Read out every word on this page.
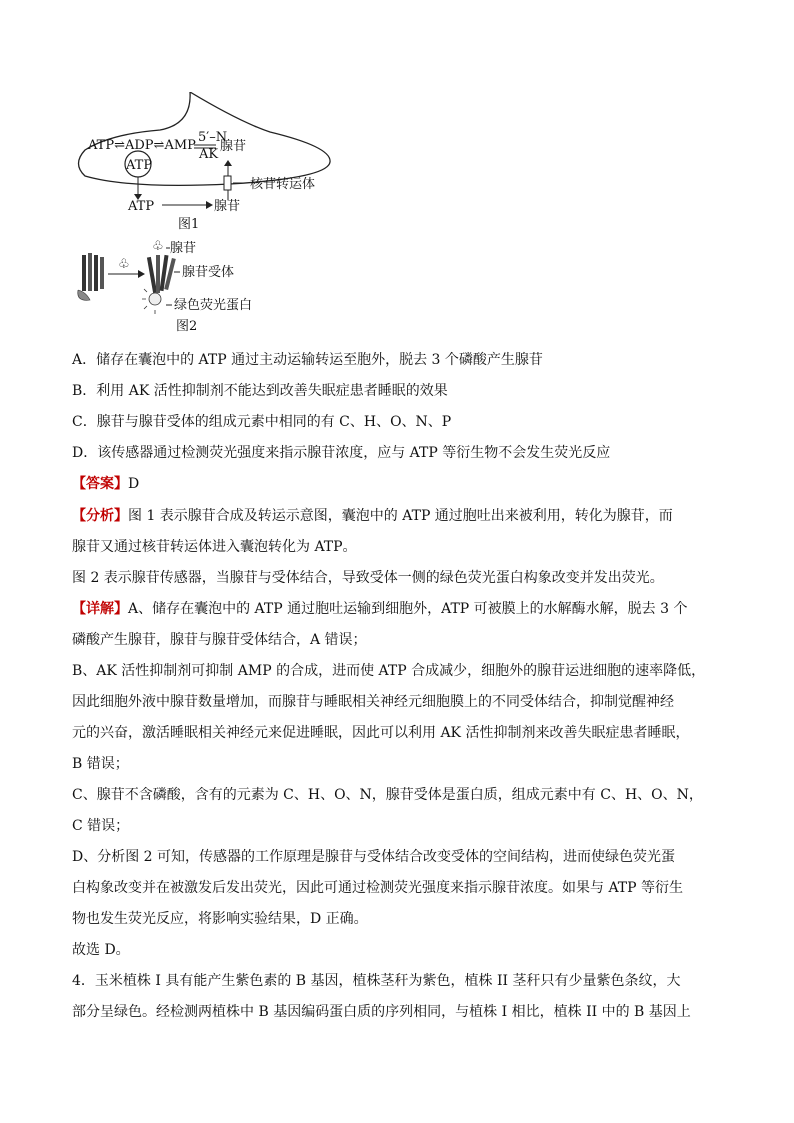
ATP⇌ADP⇌AMP
5′–N
AK
腺苷
ATP
核苷转运体
ATP	腺苷
图1
♧
♧ 腺苷
腺苷受体
绿色荧光蛋白
图2
A．储存在囊泡中的 ATP 通过主动运输转运至胞外，脱去 3 个磷酸产生腺苷
B．利用 AK 活性抑制剂不能达到改善失眠症患者睡眠的效果
C．腺苷与腺苷受体的组成元素中相同的有 C、H、O、N、P
D．该传感器通过检测荧光强度来指示腺苷浓度，应与 ATP 等衍生物不会发生荧光反应
【答案】D
【分析】图 1 表示腺苷合成及转运示意图，囊泡中的 ATP 通过胞吐出来被利用，转化为腺苷，而
腺苷又通过核苷转运体进入囊泡转化为 ATP。
图 2 表示腺苷传感器，当腺苷与受体结合，导致受体一侧的绿色荧光蛋白构象改变并发出荧光。
【详解】A、储存在囊泡中的 ATP 通过胞吐运输到细胞外，ATP 可被膜上的水解酶水解，脱去 3 个
磷酸产生腺苷，腺苷与腺苷受体结合，A 错误；
B、AK 活性抑制剂可抑制 AMP 的合成，进而使 ATP 合成减少，细胞外的腺苷运进细胞的速率降低，
因此细胞外液中腺苷数量增加，而腺苷与睡眠相关神经元细胞膜上的不同受体结合，抑制觉醒神经
元的兴奋，激活睡眠相关神经元来促进睡眠，因此可以利用 AK 活性抑制剂来改善失眠症患者睡眠，
B 错误；
C、腺苷不含磷酸，含有的元素为 C、H、O、N，腺苷受体是蛋白质，组成元素中有 C、H、O、N，
C 错误；
D、分析图 2 可知，传感器的工作原理是腺苷与受体结合改变受体的空间结构，进而使绿色荧光蛋
白构象改变并在被激发后发出荧光，因此可通过检测荧光强度来指示腺苷浓度。如果与 ATP 等衍生
物也发生荧光反应，将影响实验结果，D 正确。
故选 D。
4．玉米植株 I 具有能产生紫色素的 B 基因，植株茎秆为紫色，植株 II 茎秆只有少量紫色条纹，大
部分呈绿色。经检测两植株中 B 基因编码蛋白质的序列相同，与植株 I 相比，植株 II 中的 B 基因上
